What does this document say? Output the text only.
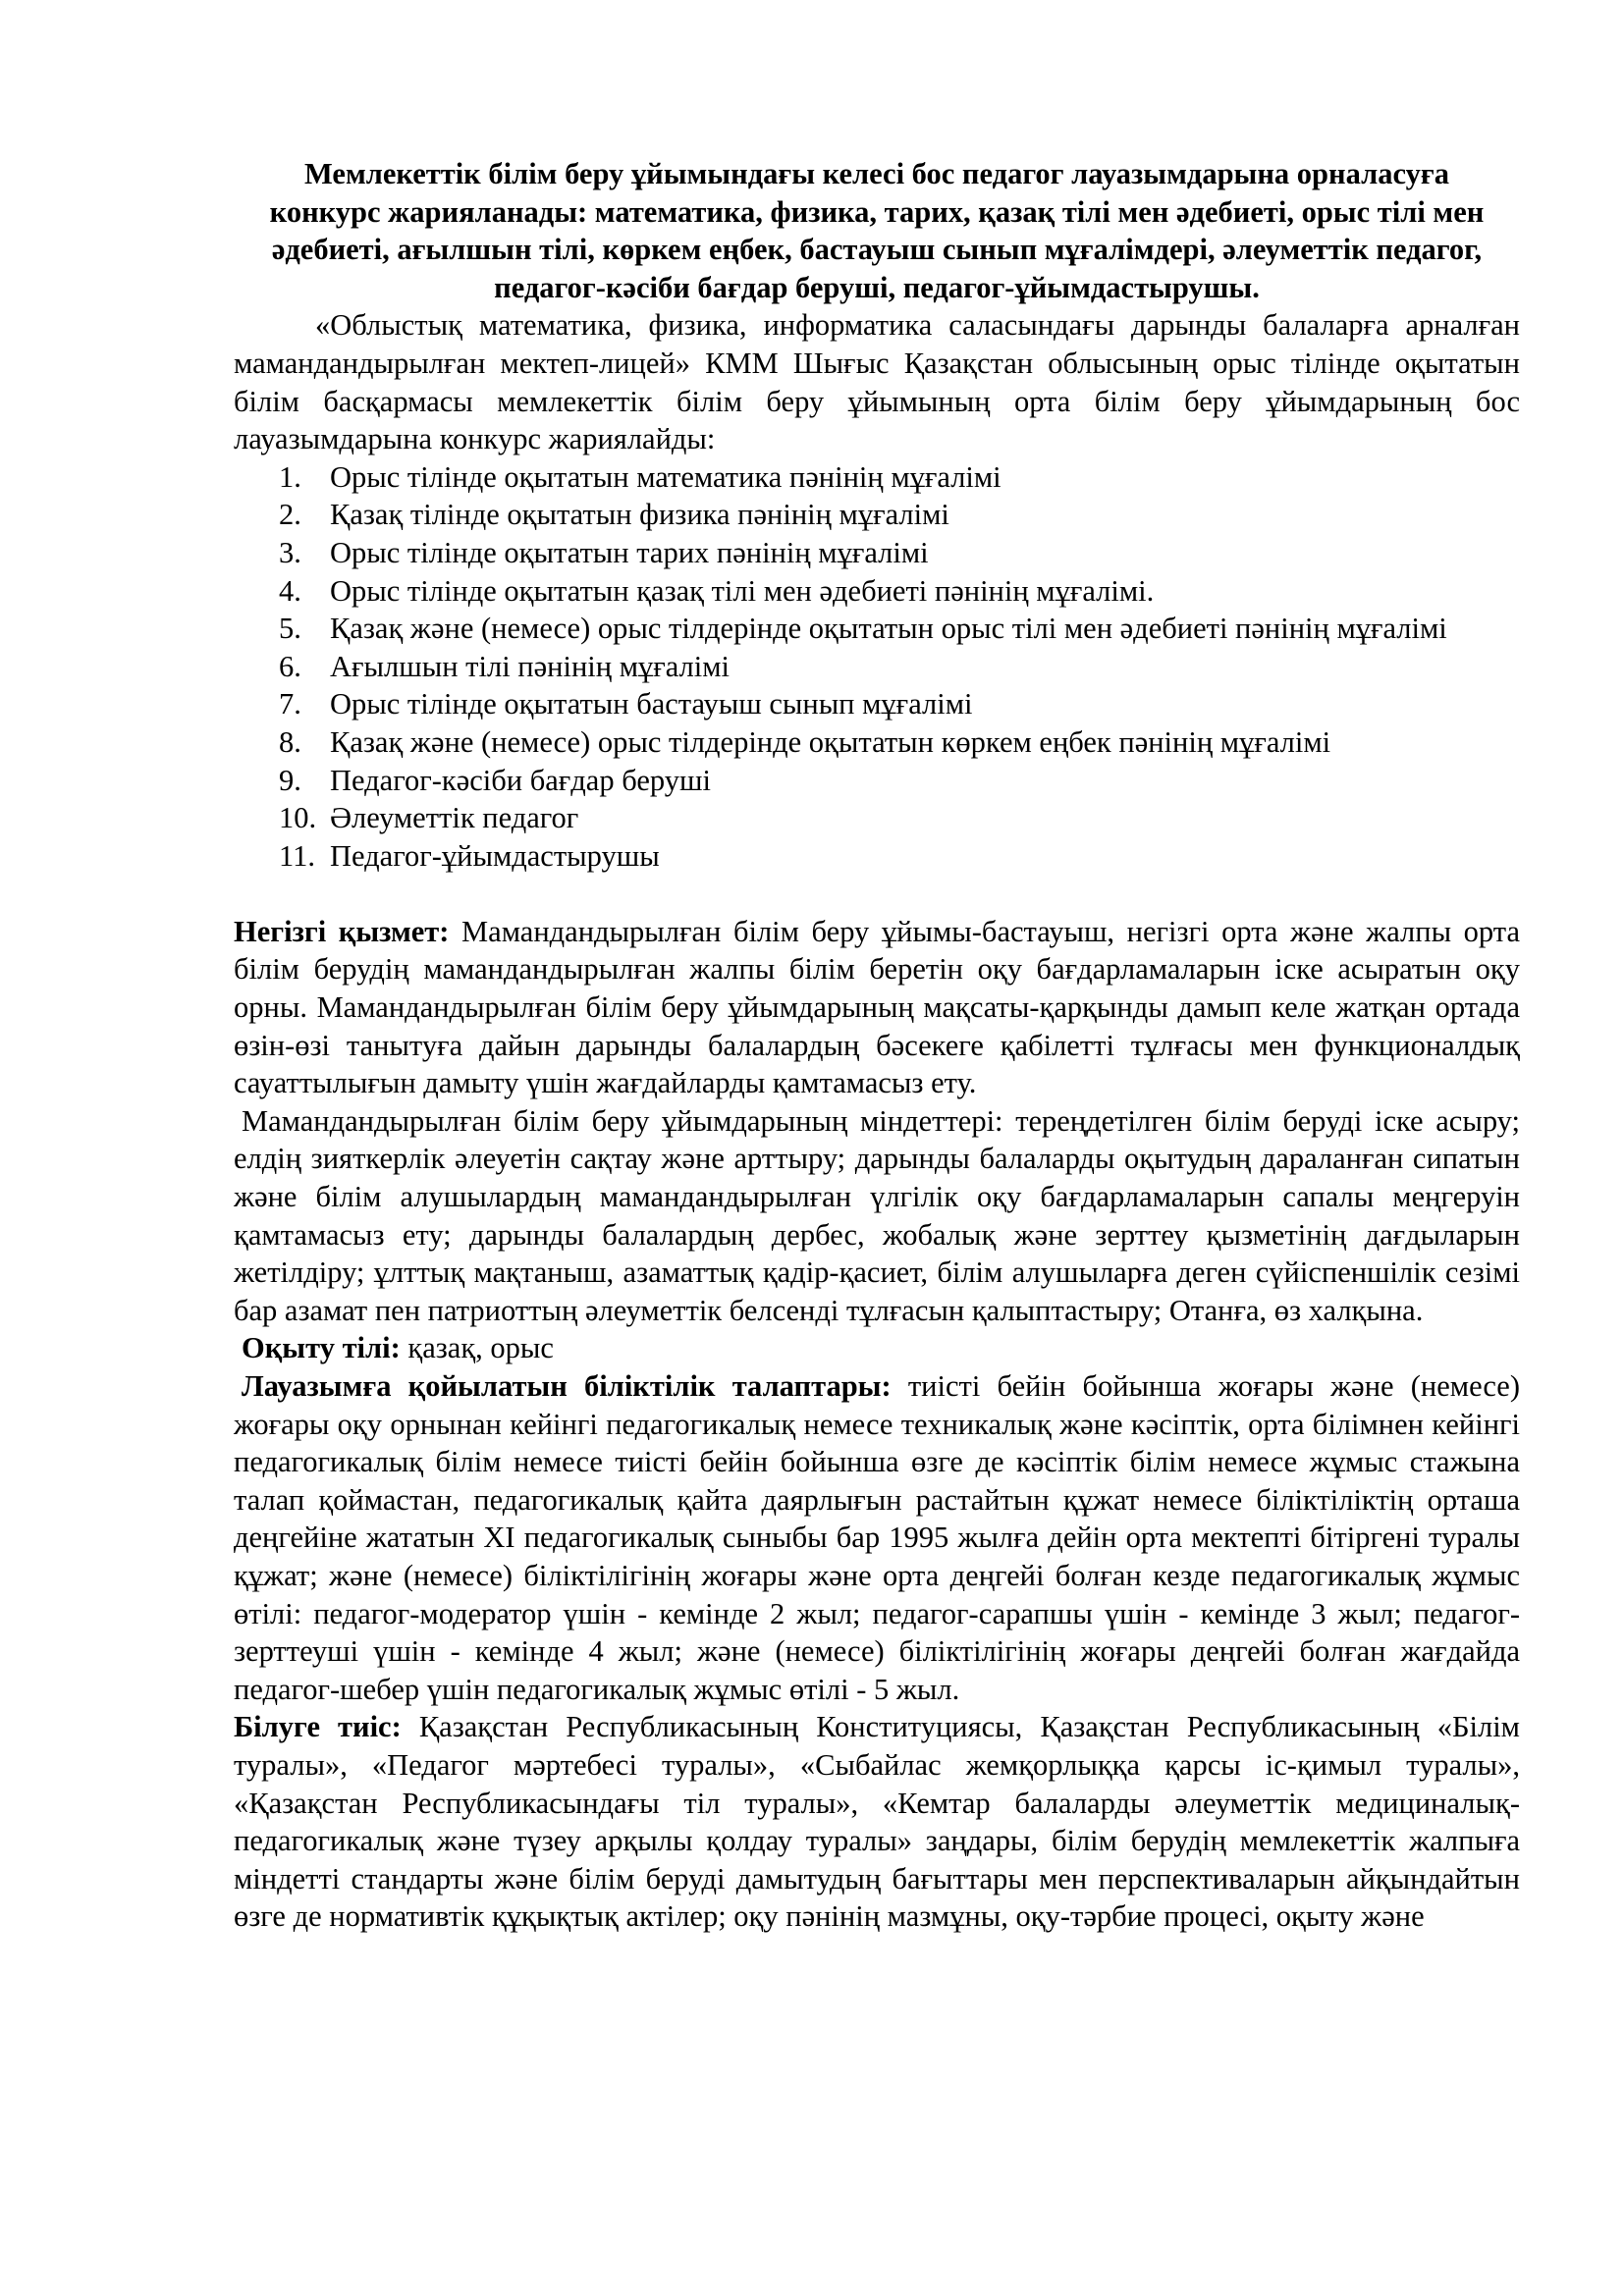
Мемлекеттік білім беру ұйымындағы келесі бос педагог лауазымдарына орналасуға конкурс жарияланады: математика, физика, тарих, қазақ тілі мен әдебиеті, орыс тілі мен әдебиеті, ағылшын тілі, көркем еңбек, бастауыш сынып мұғалімдері, әлеуметтік педагог, педагог-кәсіби бағдар беруші, педагог-ұйымдастырушы.

«Облыстық математика, физика, информатика саласындағы дарынды балаларға арналған мамандандырылған мектеп-лицей» КММ Шығыс Қазақстан облысының орыс тілінде оқытатын білім басқармасы мемлекеттік білім беру ұйымының орта білім беру ұйымдарының бос лауазымдарына конкурс жариялайды:

1. Орыс тілінде оқытатын математика пәнінің мұғалімі
2. Қазақ тілінде оқытатын физика пәнінің мұғалімі
3. Орыс тілінде оқытатын тарих пәнінің мұғалімі
4. Орыс тілінде оқытатын қазақ тілі мен әдебиеті пәнінің мұғалімі.
5. Қазақ және (немесе) орыс тілдерінде оқытатын орыс тілі мен әдебиеті пәнінің мұғалімі
6. Ағылшын тілі пәнінің мұғалімі
7. Орыс тілінде оқытатын бастауыш сынып мұғалімі
8. Қазақ және (немесе) орыс тілдерінде оқытатын көркем еңбек пәнінің мұғалімі
9. Педагог-кәсіби бағдар беруші
10. Әлеуметтік педагог
11. Педагог-ұйымдастырушы

Негізгі қызмет: Мамандандырылған білім беру ұйымы-бастауыш, негізгі орта және жалпы орта білім берудің мамандандырылған жалпы білім беретін оқу бағдарламаларын іске асыратын оқу орны. Мамандандырылған білім беру ұйымдарының мақсаты-қарқынды дамып келе жатқан ортада өзін-өзі танытуға дайын дарынды балалардың бәсекеге қабілетті тұлғасы мен функционалдық сауаттылығын дамыту үшін жағдайларды қамтамасыз ету.

Мамандандырылған білім беру ұйымдарының міндеттері: тереңдетілген білім беруді іске асыру; елдің зияткерлік әлеуетін сақтау және арттыру; дарынды балаларды оқытудың дараланған сипатын және білім алушылардың мамандандырылған үлгілік оқу бағдарламаларын сапалы меңгеруін қамтамасыз ету; дарынды балалардың дербес, жобалық және зерттеу қызметінің дағдыларын жетілдіру; ұлттық мақтаныш, азаматтық қадір-қасиет, білім алушыларға деген сүйіспеншілік сезімі бар азамат пен патриоттың әлеуметтік белсенді тұлғасын қалыптастыру; Отанға, өз халқына.

Оқыту тілі: қазақ, орыс

Лауазымға қойылатын біліктілік талаптары: тиісті бейін бойынша жоғары және (немесе) жоғары оқу орнынан кейінгі педагогикалық немесе техникалық және кәсіптік, орта білімнен кейінгі педагогикалық білім немесе тиісті бейін бойынша өзге де кәсіптік білім немесе жұмыс стажына талап қоймастан, педагогикалық қайта даярлығын растайтын құжат немесе біліктіліктің орташа деңгейіне жататын XI педагогикалық сыныбы бар 1995 жылға дейін орта мектепті бітіргені туралы құжат; және (немесе) біліктілігінің жоғары және орта деңгейі болған кезде педагогикалық жұмыс өтілі: педагог-модератор үшін - кемінде 2 жыл; педагог-сарапшы үшін - кемінде 3 жыл; педагог-зерттеуші үшін - кемінде 4 жыл; және (немесе) біліктілігінің жоғары деңгейі болған жағдайда педагог-шебер үшін педагогикалық жұмыс өтілі - 5 жыл.

Білуге тиіс: Қазақстан Республикасының Конституциясы, Қазақстан Республикасының «Білім туралы», «Педагог мәртебесі туралы», «Сыбайлас жемқорлыққа қарсы іс-қимыл туралы», «Қазақстан Республикасындағы тіл туралы», «Кемтар балаларды әлеуметтік медициналық-педагогикалық және түзеу арқылы қолдау туралы» заңдары, білім берудің мемлекеттік жалпыға міндетті стандарты және білім беруді дамытудың бағыттары мен перспективаларын айқындайтын өзге де нормативтік құқықтық актілер; оқу пәнінің мазмұны, оқу-тәрбие процесі, оқыту және
